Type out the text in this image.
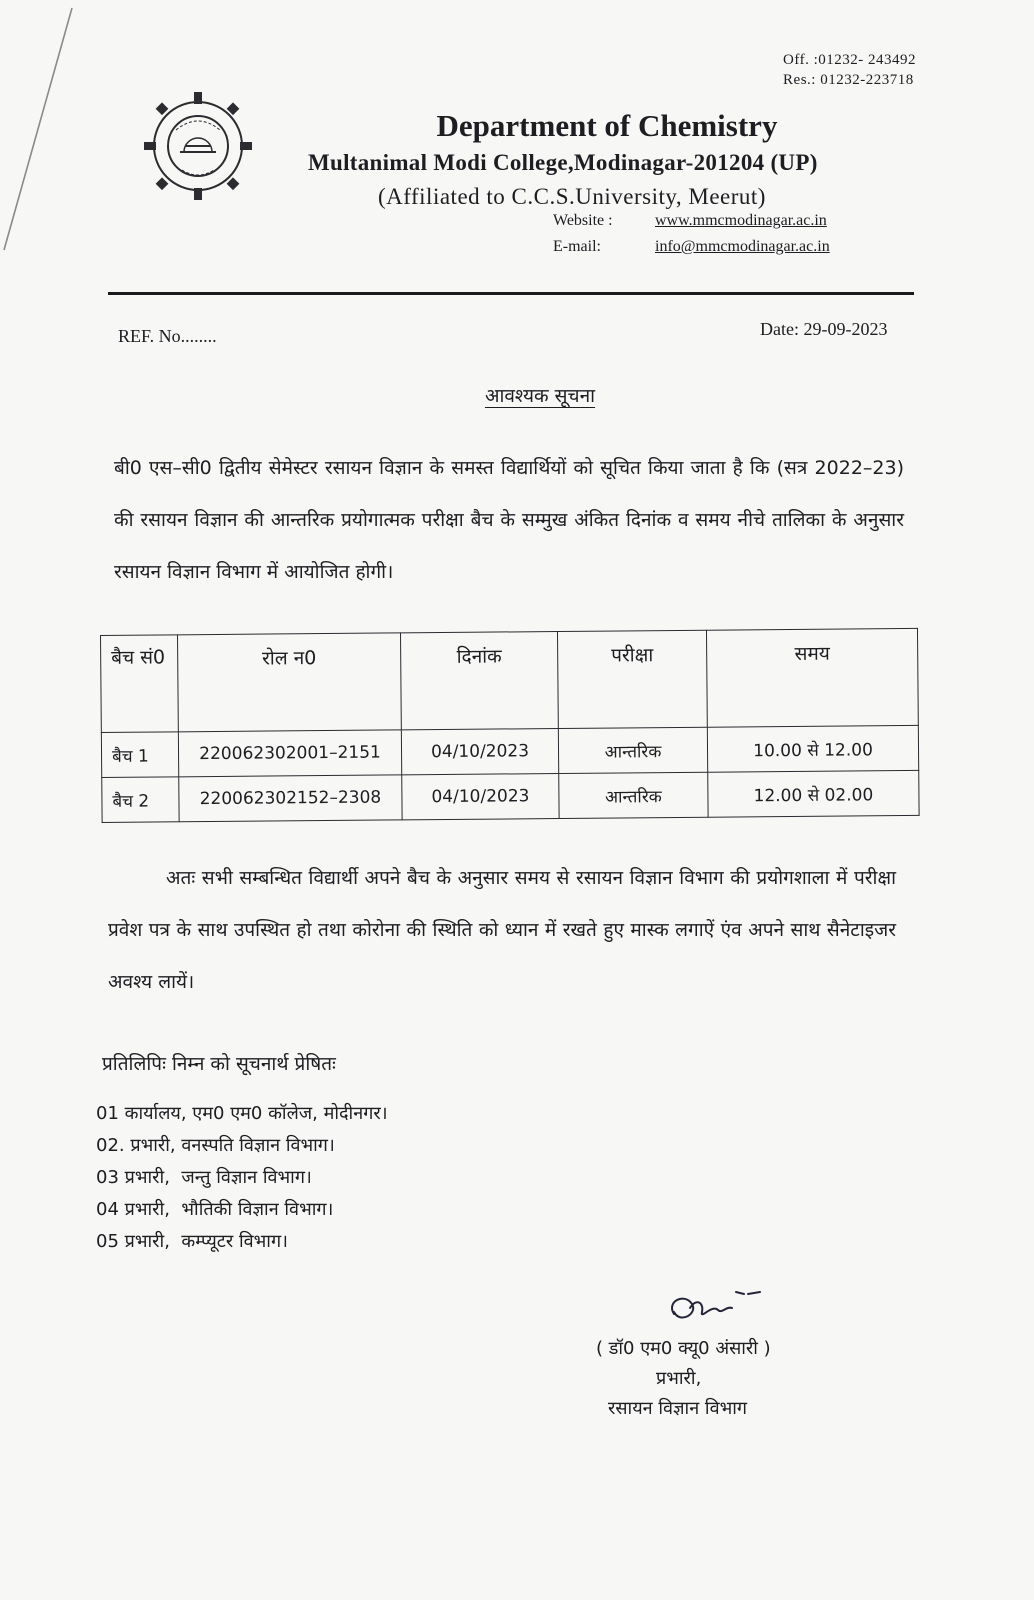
Off. :01232- 243492
Res.: 01232-223718
Department of Chemistry
Multanimal Modi College,Modinagar-201204 (UP)
(Affiliated to C.C.S.University, Meerut)
Website :	www.mmcmodinagar.ac.in
E-mail:	info@mmcmodinagar.ac.in
REF. No........	Date: 29-09-2023
आवश्यक सूचना
बी0 एस–सी0 द्वितीय सेमेस्टर रसायन विज्ञान के समस्त विद्यार्थियों को सूचित किया जाता है कि (सत्र 2022–23) की रसायन विज्ञान की आन्तरिक प्रयोगात्मक परीक्षा बैच के सम्मुख अंकित दिनांक व समय नीचे तालिका के अनुसार रसायन विज्ञान विभाग में आयोजित होगी।
बैच सं0	रोल न0	दिनांक	परीक्षा	समय
बैच 1	220062302001–2151	04/10/2023	आन्तरिक	10.00 से 12.00
बैच 2	220062302152–2308	04/10/2023	आन्तरिक	12.00 से 02.00
अतः सभी सम्बन्धित विद्यार्थी अपने बैच के अनुसार समय से रसायन विज्ञान विभाग की प्रयोगशाला में परीक्षा प्रवेश पत्र के साथ उपस्थित हो तथा कोरोना की स्थिति को ध्यान में रखते हुए मास्क लगाऐं एंव अपने साथ सैनेटाइजर अवश्य लायें।
प्रतिलिपिः निम्न को सूचनार्थ प्रेषितः
01 कार्यालय, एम0 एम0 कॉलेज, मोदीनगर।
02. प्रभारी, वनस्पति विज्ञान विभाग।
03 प्रभारी,  जन्तु विज्ञान विभाग।
04 प्रभारी,  भौतिकी विज्ञान विभाग।
05 प्रभारी,  कम्प्यूटर विभाग।
( डॉ0 एम0 क्यू0 अंसारी )
प्रभारी,
रसायन विज्ञान विभाग
